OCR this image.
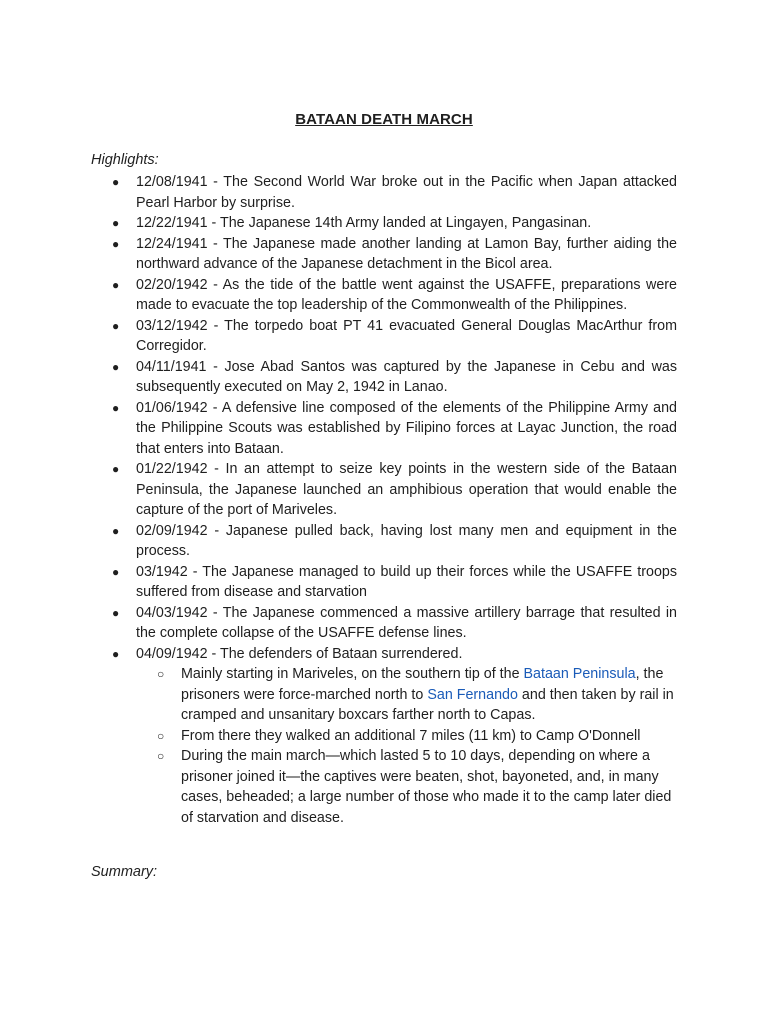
BATAAN DEATH MARCH
Highlights:
● 12/08/1941 - The Second World War broke out in the Pacific when Japan attacked Pearl Harbor by surprise.
● 12/22/1941 - The Japanese 14th Army landed at Lingayen, Pangasinan.
● 12/24/1941 - The Japanese made another landing at Lamon Bay, further aiding the northward advance of the Japanese detachment in the Bicol area.
● 02/20/1942 - As the tide of the battle went against the USAFFE, preparations were made to evacuate the top leadership of the Commonwealth of the Philippines.
● 03/12/1942 - The torpedo boat PT 41 evacuated General Douglas MacArthur from Corregidor.
● 04/11/1941 - Jose Abad Santos was captured by the Japanese in Cebu and was subsequently executed on May 2, 1942 in Lanao.
● 01/06/1942 - A defensive line composed of the elements of the Philippine Army and the Philippine Scouts was established by Filipino forces at Layac Junction, the road that enters into Bataan.
● 01/22/1942 - In an attempt to seize key points in the western side of the Bataan Peninsula, the Japanese launched an amphibious operation that would enable the capture of the port of Mariveles.
● 02/09/1942 - Japanese pulled back, having lost many men and equipment in the process.
● 03/1942 - The Japanese managed to build up their forces while the USAFFE troops suffered from disease and starvation
● 04/03/1942 - The Japanese commenced a massive artillery barrage that resulted in the complete collapse of the USAFFE defense lines.
● 04/09/1942 - The defenders of Bataan surrendered.
○ Mainly starting in Mariveles, on the southern tip of the Bataan Peninsula, the prisoners were force-marched north to San Fernando and then taken by rail in cramped and unsanitary boxcars farther north to Capas.
○ From there they walked an additional 7 miles (11 km) to Camp O'Donnell
○ During the main march—which lasted 5 to 10 days, depending on where a prisoner joined it—the captives were beaten, shot, bayoneted, and, in many cases, beheaded; a large number of those who made it to the camp later died of starvation and disease.
Summary:
